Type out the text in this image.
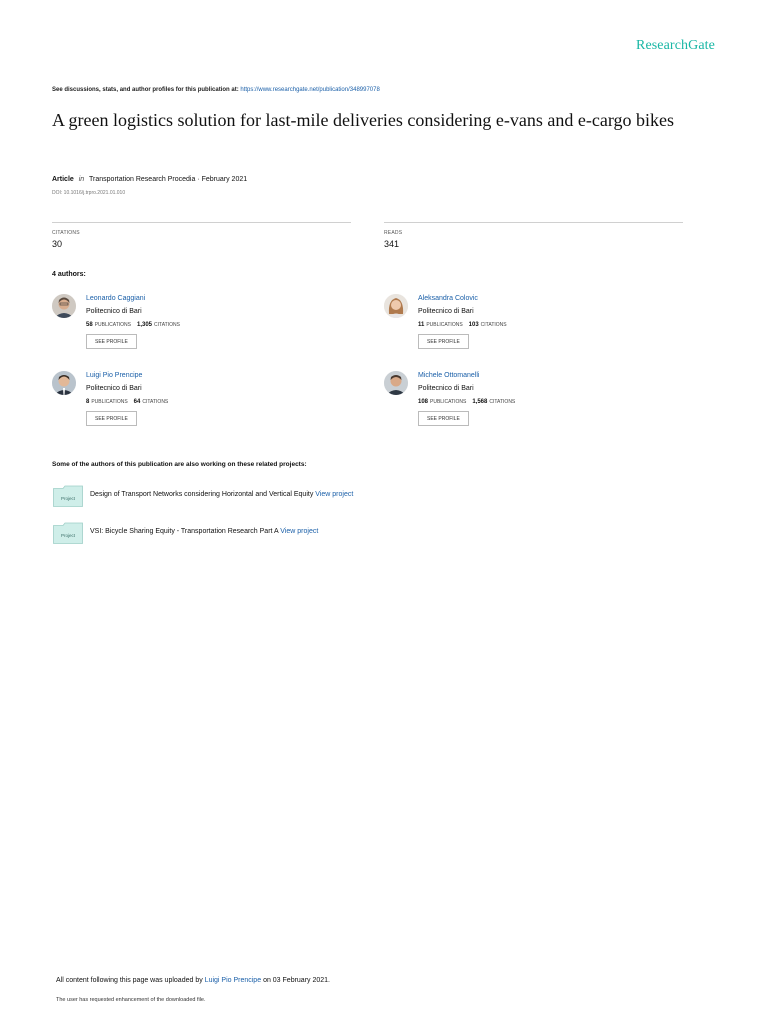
ResearchGate
See discussions, stats, and author profiles for this publication at: https://www.researchgate.net/publication/348997078
A green logistics solution for last-mile deliveries considering e-vans and e-cargo bikes
Article in Transportation Research Procedia · February 2021
DOI: 10.1016/j.trpro.2021.01.010
CITATIONS
30
READS
341
4 authors:
Leonardo Caggiani
Politecnico di Bari
58 PUBLICATIONS 1,305 CITATIONS
SEE PROFILE
Aleksandra Colovic
Politecnico di Bari
11 PUBLICATIONS 103 CITATIONS
SEE PROFILE
Luigi Pio Prencipe
Politecnico di Bari
8 PUBLICATIONS 64 CITATIONS
SEE PROFILE
Michele Ottomanelli
Politecnico di Bari
108 PUBLICATIONS 1,568 CITATIONS
SEE PROFILE
Some of the authors of this publication are also working on these related projects:
Project
Design of Transport Networks considering Horizontal and Vertical Equity View project
Project
VSI: Bicycle Sharing Equity - Transportation Research Part A View project
All content following this page was uploaded by Luigi Pio Prencipe on 03 February 2021.
The user has requested enhancement of the downloaded file.
